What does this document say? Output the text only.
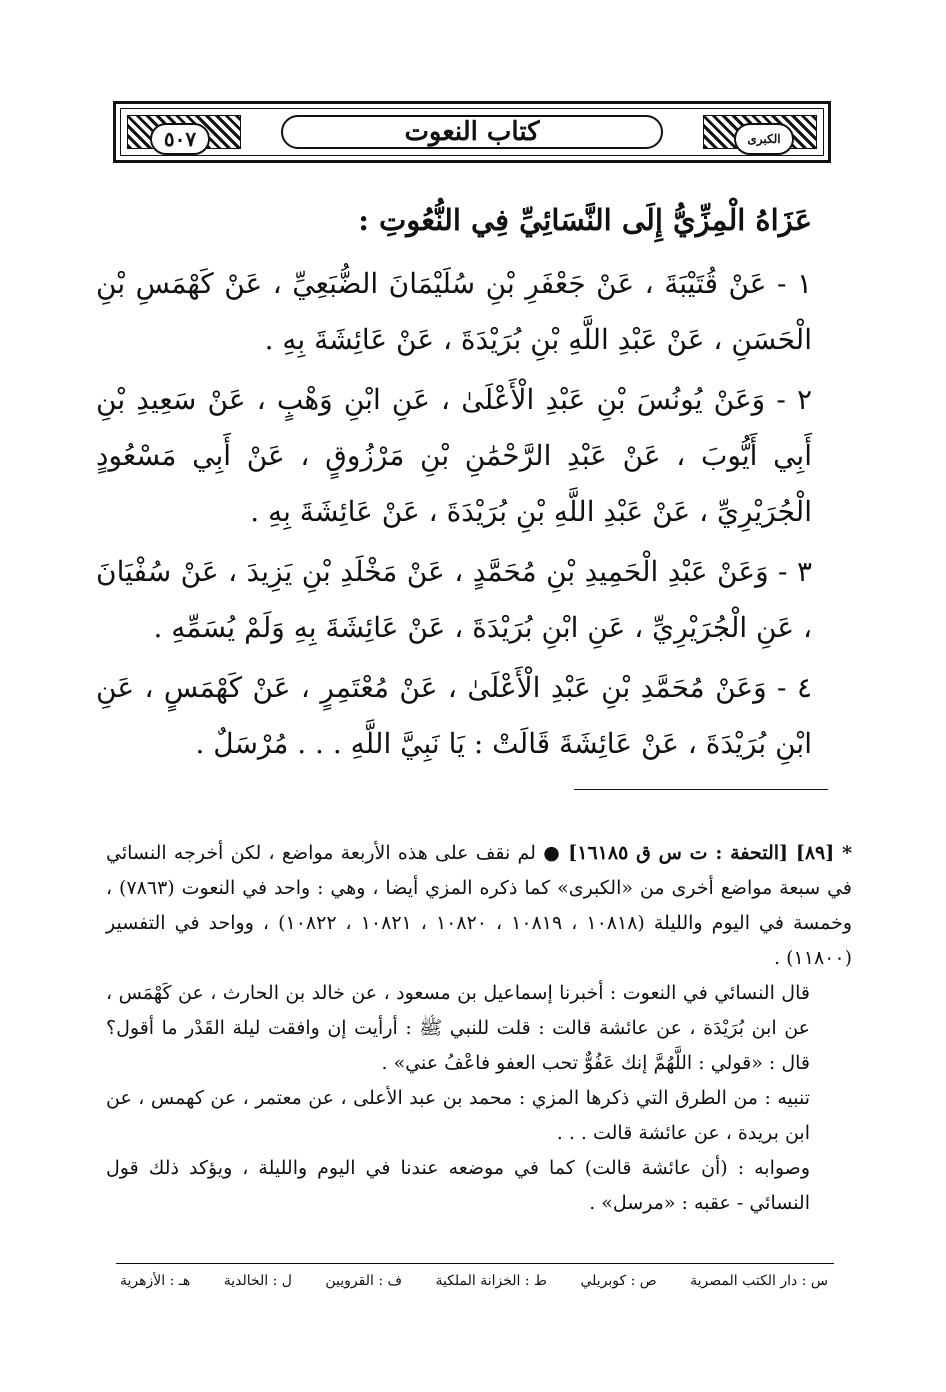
٥٠٧	كتاب النعوت	الكبرى
عَزَاهُ الْمِزِّيُّ إِلَى النَّسَائِيِّ فِي النُّعُوتِ :

١ - عَنْ قُتَيْبَةَ ، عَنْ جَعْفَرِ بْنِ سُلَيْمَانَ الضُّبَعِيِّ ، عَنْ كَهْمَسِ بْنِ الْحَسَنِ ، عَنْ عَبْدِ اللَّهِ بْنِ بُرَيْدَةَ ، عَنْ عَائِشَةَ بِهِ .

٢ - وَعَنْ يُونُسَ بْنِ عَبْدِ الْأَعْلَىٰ ، عَنِ ابْنِ وَهْبٍ ، عَنْ سَعِيدِ بْنِ أَبِي أَيُّوبَ ، عَنْ عَبْدِ الرَّحْمَٰنِ بْنِ مَرْزُوقٍ ، عَنْ أَبِي مَسْعُودٍ الْجُرَيْرِيِّ ، عَنْ عَبْدِ اللَّهِ بْنِ بُرَيْدَةَ ، عَنْ عَائِشَةَ بِهِ .

٣ - وَعَنْ عَبْدِ الْحَمِيدِ بْنِ مُحَمَّدٍ ، عَنْ مَخْلَدِ بْنِ يَزِيدَ ، عَنْ سُفْيَانَ ، عَنِ الْجُرَيْرِيِّ ، عَنِ ابْنِ بُرَيْدَةَ ، عَنْ عَائِشَةَ بِهِ وَلَمْ يُسَمِّهِ .

٤ - وَعَنْ مُحَمَّدِ بْنِ عَبْدِ الْأَعْلَىٰ ، عَنْ مُعْتَمِرٍ ، عَنْ كَهْمَسٍ ، عَنِ ابْنِ بُرَيْدَةَ ، عَنْ عَائِشَةَ قَالَتْ : يَا نَبِيَّ اللَّهِ . . . مُرْسَلٌ .

* [٨٩] [التحفة : ت س ق ١٦١٨٥] ● لم نقف على هذه الأربعة مواضع ، لكن أخرجه النسائي في سبعة مواضع أخرى من «الكبرى» كما ذكره المزي أيضا ، وهي : واحد في النعوت (٧٨٦٣) ، وخمسة في اليوم والليلة (١٠٨١٨ ، ١٠٨١٩ ، ١٠٨٢٠ ، ١٠٨٢١ ، ١٠٨٢٢) ، وواحد في التفسير (١١٨٠٠) .

قال النسائي في النعوت : أخبرنا إسماعيل بن مسعود ، عن خالد بن الحارث ، عن كَهْمَس ، عن ابن بُرَيْدَة ، عن عائشة قالت : قلت للنبي ﷺ : أرأيت إن وافقت ليلة القَدْر ما أقول؟ قال : «قولي : اللَّهُمَّ إنك عَفُوٌّ تحب العفو فاعْفُ عني» .

تنبيه : من الطرق التي ذكرها المزي : محمد بن عبد الأعلى ، عن معتمر ، عن كهمس ، عن ابن بريدة ، عن عائشة قالت . . .

وصوابه : (أن عائشة قالت) كما في موضعه عندنا في اليوم والليلة ، ويؤكد ذلك قول النسائي - عقبه : «مرسل» .

س : دار الكتب المصرية
ص : كوبريلي
ط : الخزانة الملكية
ف : القرويين
ل : الخالدية
هـ : الأزهرية
